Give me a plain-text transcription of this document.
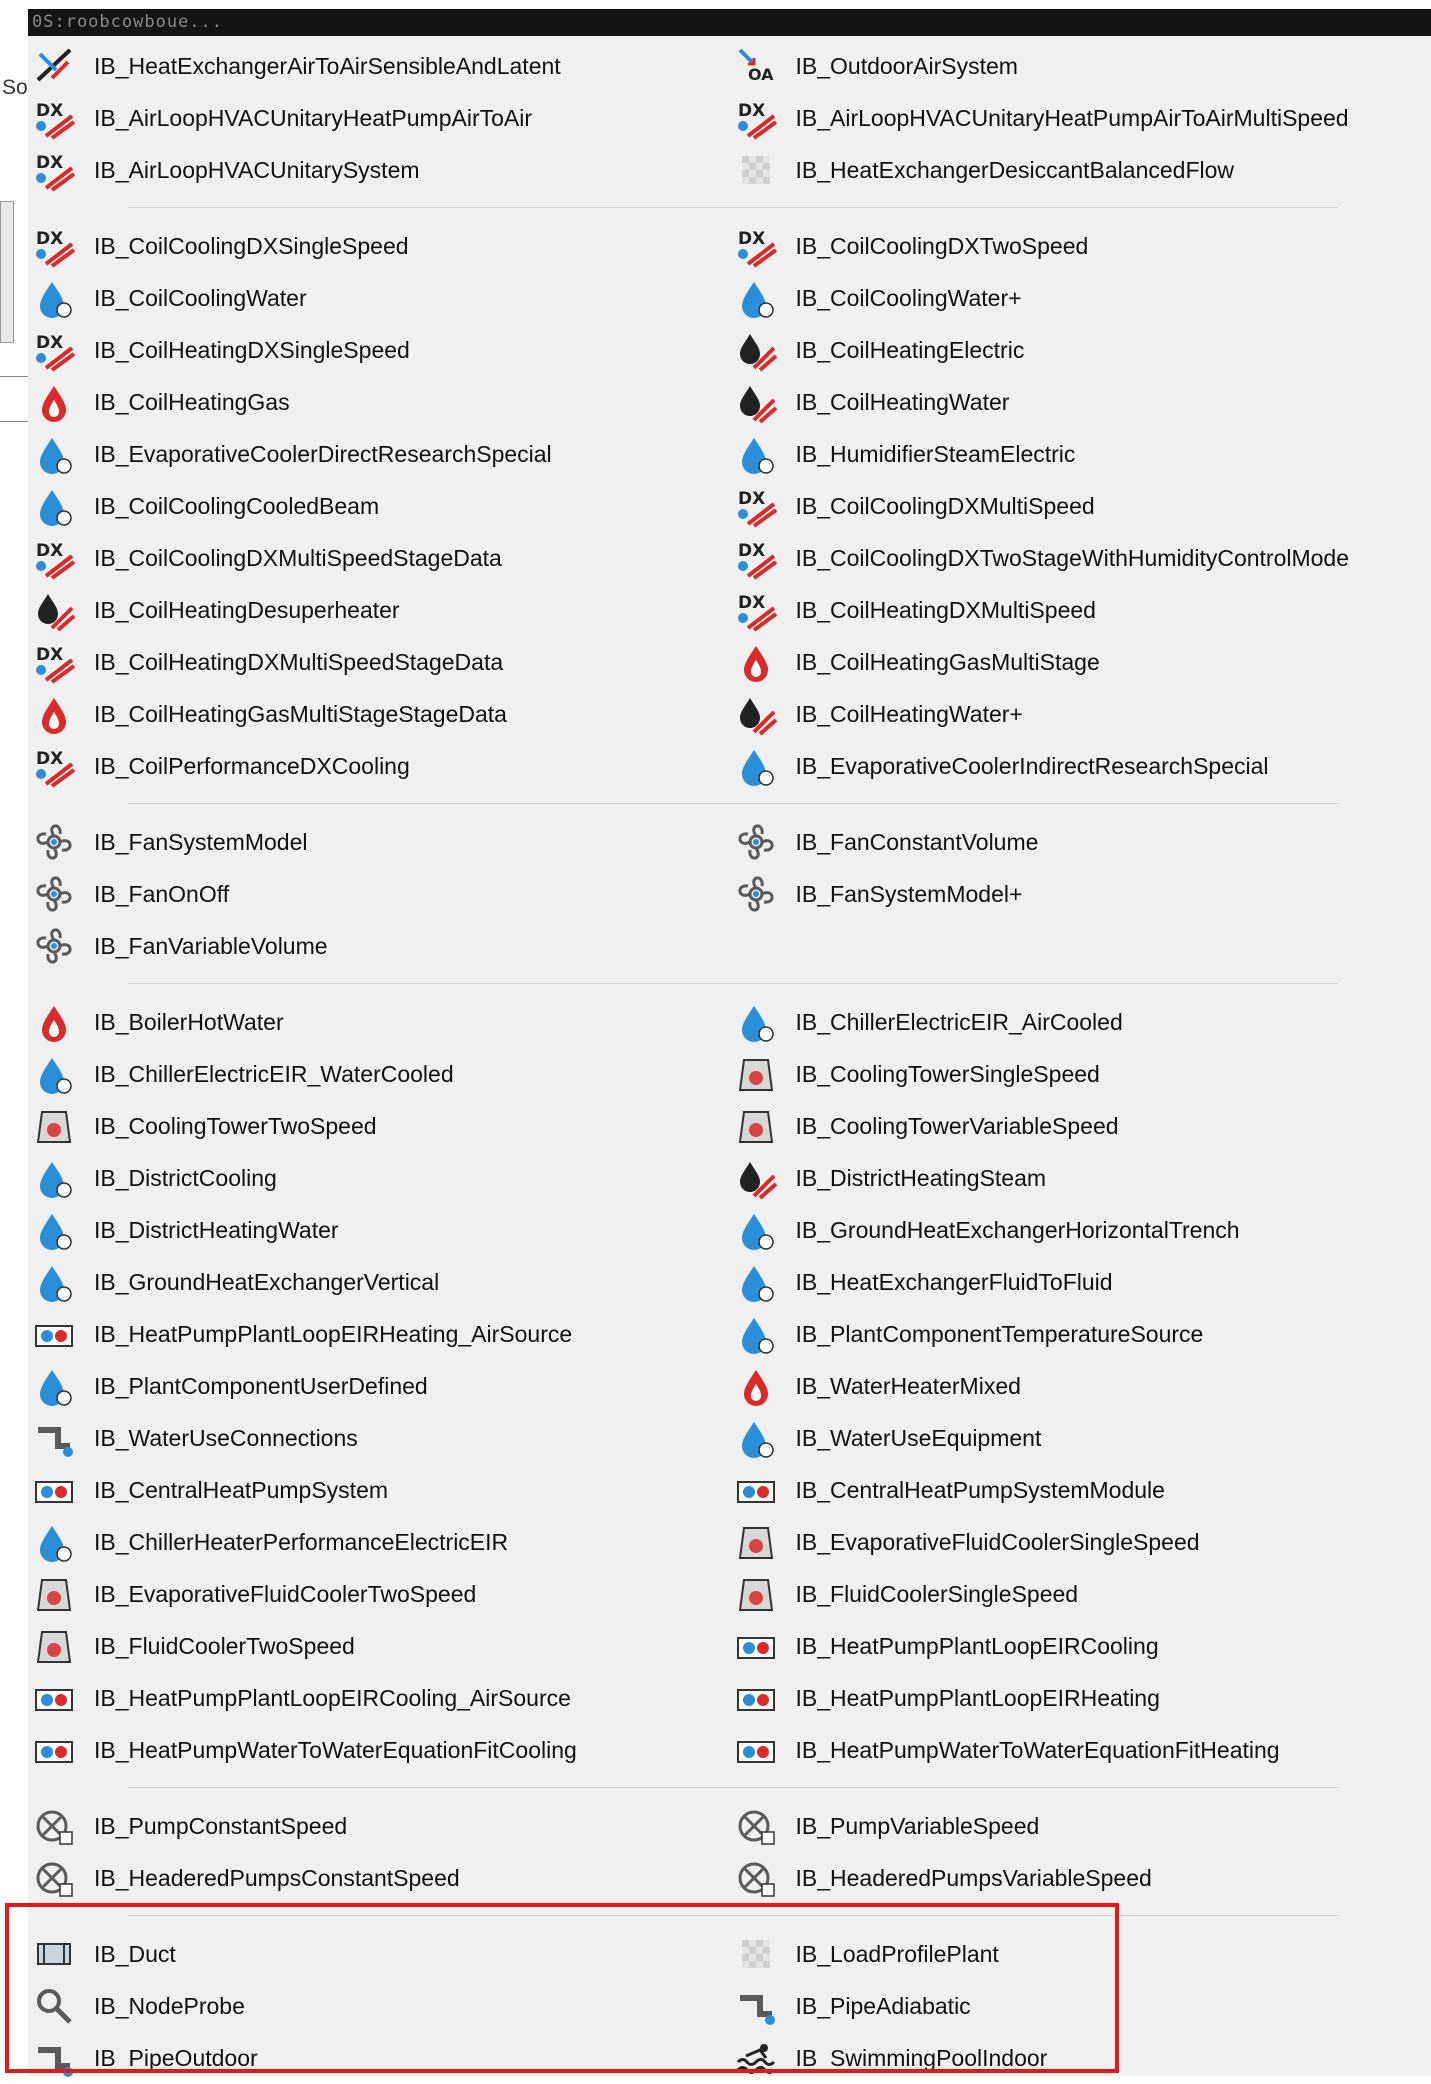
0S:roobcowboue...
So
IB_HeatExchangerAirToAirSensibleAndLatent	OA IB_OutdoorAirSystem
DX IB_AirLoopHVACUnitaryHeatPumpAirToAir	DX IB_AirLoopHVACUnitaryHeatPumpAirToAirMultiSpeed
DX IB_AirLoopHVACUnitarySystem	IB_HeatExchangerDesiccantBalancedFlow
DX IB_CoilCoolingDXSingleSpeed	DX IB_CoilCoolingDXTwoSpeed
IB_CoilCoolingWater	IB_CoilCoolingWater+
DX IB_CoilHeatingDXSingleSpeed	IB_CoilHeatingElectric
IB_CoilHeatingGas	IB_CoilHeatingWater
IB_EvaporativeCoolerDirectResearchSpecial	IB_HumidifierSteamElectric
IB_CoilCoolingCooledBeam	DX IB_CoilCoolingDXMultiSpeed
DX IB_CoilCoolingDXMultiSpeedStageData	DX IB_CoilCoolingDXTwoStageWithHumidityControlMode
IB_CoilHeatingDesuperheater	DX IB_CoilHeatingDXMultiSpeed
DX IB_CoilHeatingDXMultiSpeedStageData	IB_CoilHeatingGasMultiStage
IB_CoilHeatingGasMultiStageStageData	IB_CoilHeatingWater+
DX IB_CoilPerformanceDXCooling	IB_EvaporativeCoolerIndirectResearchSpecial
IB_FanSystemModel	IB_FanConstantVolume
IB_FanOnOff	IB_FanSystemModel+
IB_FanVariableVolume
IB_BoilerHotWater	IB_ChillerElectricEIR_AirCooled
IB_ChillerElectricEIR_WaterCooled	IB_CoolingTowerSingleSpeed
IB_CoolingTowerTwoSpeed	IB_CoolingTowerVariableSpeed
IB_DistrictCooling	IB_DistrictHeatingSteam
IB_DistrictHeatingWater	IB_GroundHeatExchangerHorizontalTrench
IB_GroundHeatExchangerVertical	IB_HeatExchangerFluidToFluid
IB_HeatPumpPlantLoopEIRHeating_AirSource	IB_PlantComponentTemperatureSource
IB_PlantComponentUserDefined	IB_WaterHeaterMixed
IB_WaterUseConnections	IB_WaterUseEquipment
IB_CentralHeatPumpSystem	IB_CentralHeatPumpSystemModule
IB_ChillerHeaterPerformanceElectricEIR	IB_EvaporativeFluidCoolerSingleSpeed
IB_EvaporativeFluidCoolerTwoSpeed	IB_FluidCoolerSingleSpeed
IB_FluidCoolerTwoSpeed	IB_HeatPumpPlantLoopEIRCooling
IB_HeatPumpPlantLoopEIRCooling_AirSource	IB_HeatPumpPlantLoopEIRHeating
IB_HeatPumpWaterToWaterEquationFitCooling	IB_HeatPumpWaterToWaterEquationFitHeating
IB_PumpConstantSpeed	IB_PumpVariableSpeed
IB_HeaderedPumpsConstantSpeed	IB_HeaderedPumpsVariableSpeed
IB_Duct	IB_LoadProfilePlant
IB_NodeProbe	IB_PipeAdiabatic
IB_PipeOutdoor	IB_SwimmingPoolIndoor
